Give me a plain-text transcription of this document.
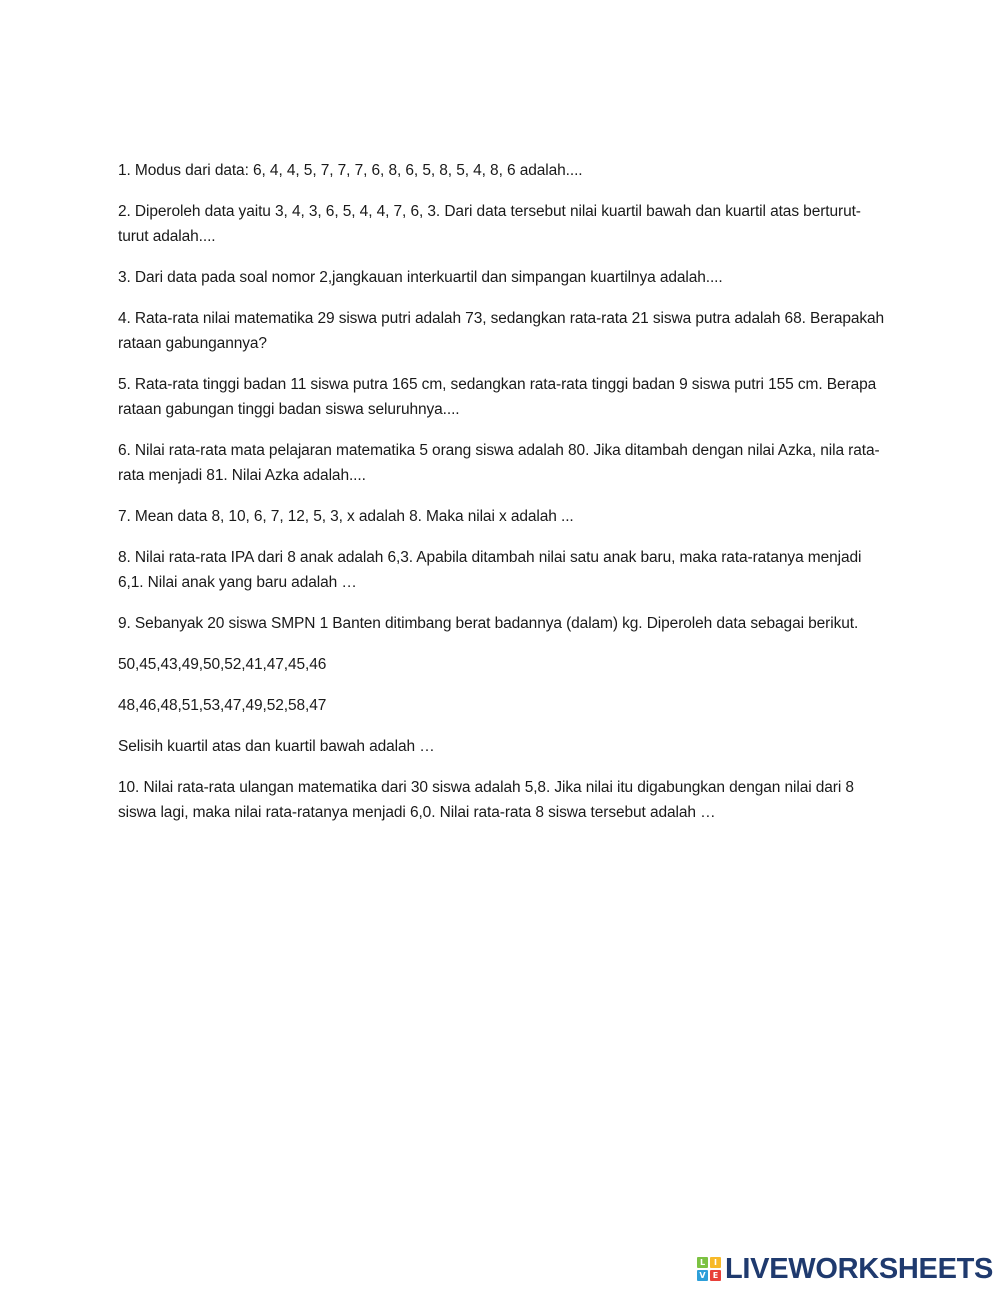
1. Modus dari data: 6, 4, 4, 5, 7, 7, 7, 6, 8, 6, 5, 8, 5, 4, 8, 6 adalah....

2. Diperoleh data yaitu 3, 4, 3, 6, 5, 4, 4, 7, 6, 3. Dari data tersebut nilai kuartil bawah dan kuartil atas berturut-turut adalah....

3. Dari data pada soal nomor 2,jangkauan interkuartil dan simpangan kuartilnya adalah....

4. Rata-rata nilai matematika 29 siswa putri adalah 73, sedangkan rata-rata 21 siswa putra adalah 68. Berapakah rataan gabungannya?

5. Rata-rata tinggi badan 11 siswa putra 165 cm, sedangkan rata-rata tinggi badan 9 siswa putri 155 cm. Berapa rataan gabungan tinggi badan siswa seluruhnya....

6. Nilai rata-rata mata pelajaran matematika 5 orang siswa adalah 80. Jika ditambah dengan nilai Azka, nila rata-rata menjadi 81. Nilai Azka adalah....

7. Mean data 8, 10, 6, 7, 12, 5, 3, x adalah 8. Maka nilai x adalah ...

8. Nilai rata-rata IPA dari 8 anak adalah 6,3. Apabila ditambah nilai satu anak baru, maka rata-ratanya menjadi 6,1. Nilai anak yang baru adalah …

9. Sebanyak 20 siswa SMPN 1 Banten ditimbang berat badannya (dalam) kg. Diperoleh data sebagai berikut.

50,45,43,49,50,52,41,47,45,46

48,46,48,51,53,47,49,52,58,47

Selisih kuartil atas dan kuartil bawah adalah …

10. Nilai rata-rata ulangan matematika dari 30 siswa adalah 5,8. Jika nilai itu digabungkan dengan nilai dari 8 siswa lagi, maka nilai rata-ratanya menjadi 6,0. Nilai rata-rata 8 siswa tersebut adalah …

L	I
V E LIVEWORKSHEETS
